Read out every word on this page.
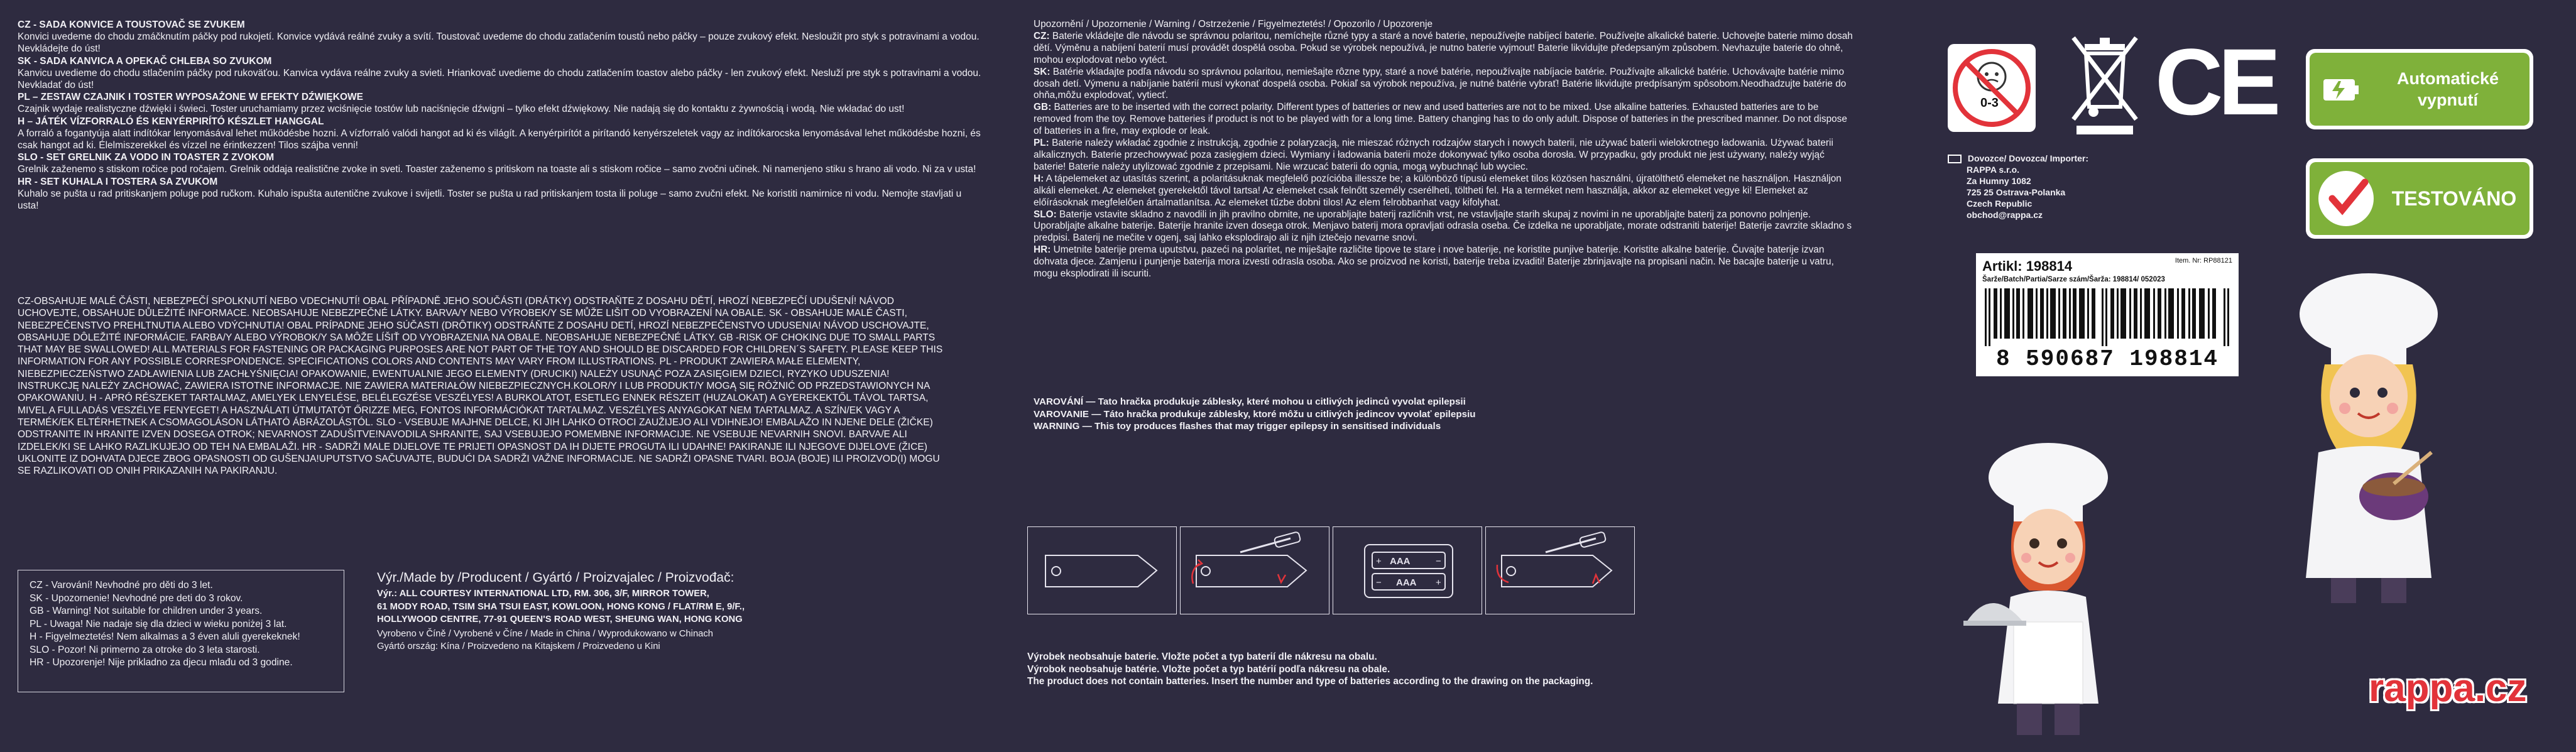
CZ - SADA KONVICE A TOUSTOVAČ SE ZVUKEM

Konvici uvedeme do chodu zmáčknutím páčky pod rukojetí. Konvice vydává reálné zvuky a svítí. Toustovač uvedeme do chodu zatlačením toustů nebo páčky – pouze zvukový efekt. Nesloužit pro styk s potravinami a vodou. Nevkládejte do úst!

SK - SADA KANVICA A OPEKAČ CHLEBA SO ZVUKOM

Kanvicu uvedieme do chodu stlačením páčky pod rukoväťou. Kanvica vydáva reálne zvuky a svieti. Hriankovač uvedieme do chodu zatlačením toastov alebo páčky - len zvukový efekt. Nesluží pre styk s potravinami a vodou. Nevkladať do úst!

PL – ZESTAW CZAJNIK I TOSTER WYPOSAŻONE W EFEKTY DŹWIĘKOWE

Czajnik wydaje realistyczne dźwięki i świeci. Toster uruchamiamy przez wciśnięcie tostów lub naciśnięcie dźwigni – tylko efekt dźwiękowy. Nie nadają się do kontaktu z żywnością i wodą. Nie wkładać do ust!

H – JÁTÉK VÍZFORRALÓ ÉS KENYÉRPIRÍTÓ KÉSZLET HANGGAL

A forraló a fogantyúja alatt indítókar lenyomásával lehet működésbe hozni. A vízforraló valódi hangot ad ki és világít. A kenyérpirítót a pirítandó kenyérszeletek vagy az indítókarocska lenyomásával lehet működésbe hozni, és csak hangot ad ki. Élelmiszerekkel és vízzel ne érintkezzen! Tilos szájba venni!

SLO - SET GRELNIK ZA VODO IN TOASTER Z ZVOKOM

Grelnik zaženemo s stiskom ročice pod ročajem. Grelnik oddaja realistične zvoke in sveti. Toaster zaženemo s pritiskom na toaste ali s stiskom ročice – samo zvočni učinek. Ni namenjeno stiku s hrano ali vodo. Ni za v usta!

HR - SET KUHALA I TOSTERA SA ZVUKOM

Kuhalo se pušta u rad pritiskanjem poluge pod ručkom. Kuhalo ispušta autentične zvukove i svijetli. Toster se pušta u rad pritiskanjem tosta ili poluge – samo zvučni efekt. Ne koristiti namirnice ni vodu. Nemojte stavljati u usta!

CZ-OBSAHUJE MALÉ ČÁSTI, NEBEZPEČÍ SPOLKNUTÍ NEBO VDECHNUTÍ! OBAL PŘÍPADNĚ JEHO SOUČÁSTI (DRÁTKY) ODSTRAŇTE Z DOSAHU DĚTÍ, HROZÍ NEBEZPEČÍ UDUŠENÍ! NÁVOD UCHOVEJTE, OBSAHUJE DŮLEŽITÉ INFORMACE. NEOBSAHUJE NEBEZPEČNÉ LÁTKY. BARVA/Y NEBO VÝROBEK/Y SE MŮŽE LIŠIT OD VYOBRAZENÍ NA OBALE. SK - OBSAHUJE MALÉ ČASTI, NEBEZPEČENSTVO PREHLTNUTIA ALEBO VDÝCHNUTIA! OBAL PRÍPADNE JEHO SÚČASTI (DRÔTIKY) ODSTRÁŇTE Z DOSAHU DETÍ, HROZÍ NEBEZPEČENSTVO UDUSENIA! NÁVOD USCHOVAJTE, OBSAHUJE DÔLEŽITÉ INFORMÁCIE. FARBA/Y ALEBO VÝROBOK/Y SA MÔŽE LÍŠIŤ OD VYOBRAZENIA NA OBALE. NEOBSAHUJE NEBEZPEČNÉ LÁTKY. GB -RISK OF CHOKING DUE TO SMALL PARTS THAT MAY BE SWALLOWED! ALL MATERIALS FOR FASTENING OR PACKAGING PURPOSES ARE NOT PART OF THE TOY AND SHOULD BE DISCARDED FOR CHILDREN´S SAFETY. PLEASE KEEP THIS INFORMATION FOR ANY POSSIBLE CORRESPONDENCE. SPECIFICATIONS COLORS AND CONTENTS MAY VARY FROM ILLUSTRATIONS. PL - PRODUKT ZAWIERA MAŁE ELEMENTY, NIEBEZPIECZEŃSTWO ZADŁAWIENIA LUB ZACHŁYŚNIĘCIA! OPAKOWANIE, EWENTUALNIE JEGO ELEMENTY (DRUCIKI) NALEŻY USUNĄĆ POZA ZASIĘGIEM DZIECI, RYZYKO UDUSZENIA! INSTRUKCJĘ NALEŻY ZACHOWAĆ, ZAWIERA ISTOTNE INFORMACJE. NIE ZAWIERA MATERIAŁÓW NIEBEZPIECZNYCH.KOLOR/Y I LUB PRODUKT/Y MOGĄ SIĘ RÓŻNIĆ OD PRZEDSTAWIONYCH NA OPAKOWANIU. H - APRÓ RÉSZEKET TARTALMAZ, AMELYEK LENYELÉSE, BELÉLEGZÉSE VESZÉLYES! A BURKOLATOT, ESETLEG ENNEK RÉSZEIT (HUZALOKAT) A GYEREKEKTŐL TÁVOL TARTSA, MIVEL A FULLADÁS VESZÉLYE FENYEGET! A HASZNÁLATI ÚTMUTATÓT ŐRIZZE MEG, FONTOS INFORMÁCIÓKAT TARTALMAZ. VESZÉLYES ANYAGOKAT NEM TARTALMAZ. A SZÍN/EK VAGY A TERMÉK/EK ELTÉRHETNEK A CSOMAGOLÁSON LÁTHATÓ ÁBRÁZOLÁSTÓL. SLO - VSEBUJE MAJHNE DELCE, KI JIH LAHKO OTROCI ZAUŽIJEJO ALI VDIHNEJO! EMBALAŽO IN NJENE DELE (ŽIČKE) ODSTRANITE IN HRANITE IZVEN DOSEGA OTROK; NEVARNOST ZADUŠITVE!NAVODILA SHRANITE, SAJ VSEBUJEJO POMEMBNE INFORMACIJE. NE VSEBUJE NEVARNIH SNOVI. BARVA/E ALI IZDELEK/KI SE LAHKO RAZLIKUJEJO OD TEH NA EMBALAŽI. HR - SADRŽI MALE DIJELOVE TE PRIJETI OPASNOST DA IH DIJETE PROGUTA ILI UDAHNE! PAKIRANJE ILI NJEGOVE DIJELOVE (ŽICE) UKLONITE IZ DOHVATA DJECE ZBOG OPASNOSTI OD GUŠENJA!UPUTSTVO SAČUVAJTE, BUDUĆI DA SADRŽI VAŽNE INFORMACIJE. NE SADRŽI OPASNE TVARI. BOJA (BOJE) ILI PROIZVOD(I) MOGU SE RAZLIKOVATI OD ONIH PRIKAZANIH NA PAKIRANJU.
CZ - Varování! Nevhodné pro děti do 3 let.
SK - Upozornenie! Nevhodné pre deti do 3 rokov.
GB - Warning! Not suitable for children under 3 years.
PL - Uwaga! Nie nadaje się dla dzieci w wieku poniżej 3 lat.
H - Figyelmeztetés! Nem alkalmas a 3 éven aluli gyerekeknek!
SLO - Pozor! Ni primerno za otroke do 3 leta starosti.
HR - Upozorenje! Nije prikladno za djecu mlađu od 3 godine.
Výr./Made by /Producent / Gyártó / Proizvajalec / Proizvođač:
Výr.: ALL COURTESY INTERNATIONAL LTD, RM. 306, 3/F, MIRROR TOWER,
61 MODY ROAD, TSIM SHA TSUI EAST, KOWLOON, HONG KONG / FLAT/RM E, 9/F.,
HOLLYWOOD CENTRE, 77-91 QUEEN'S ROAD WEST, SHEUNG WAN, HONG KONG
Vyrobeno v Číně / Vyrobené v Číne / Made in China / Wyprodukowano w Chinach
Gyártó ország: Kína / Proizvedeno na Kitajskem / Proizvedeno u Kini
Upozornění / Upozornenie / Warning / Ostrzeżenie / Figyelmeztetés! / Opozorilo / Upozorenje
CZ: Baterie vkládejte dle návodu se správnou polaritou, nemíchejte různé typy a staré a nové baterie, nepoužívejte nabíjecí baterie. Používejte alkalické baterie. Uchovejte baterie mimo dosah dětí. Výměnu a nabíjení baterií musí provádět dospělá osoba. Pokud se výrobek nepoužívá, je nutno baterie vyjmout! Baterie likvidujte předepsaným způsobem. Nevhazujte baterie do ohně, mohou explodovat nebo vytéct.
SK: Batérie vkladajte podľa návodu so správnou polaritou, nemiešajte rôzne typy, staré a nové batérie, nepoužívajte nabíjacie batérie. Používajte alkalické batérie. Uchovávajte batérie mimo dosah detí. Výmenu a nabíjanie batérií musí vykonať dospelá osoba. Pokiaľ sa výrobok nepoužíva, je nutné batérie vybrať! Batérie likvidujte predpísaným spôsobom.Neodhadzujte batérie do ohňa,môžu explodovať, vytiecť.
GB: Batteries are to be inserted with the correct polarity. Different types of batteries or new and used batteries are not to be mixed. Use alkaline batteries. Exhausted batteries are to be removed from the toy. Remove batteries if product is not to be played with for a long time. Battery changing has to do only adult. Dispose of batteries in the prescribed manner. Do not dispose of batteries in a fire, may explode or leak.
PL: Baterie należy wkładać zgodnie z instrukcją, zgodnie z polaryzacją, nie mieszać różnych rodzajów starych i nowych baterii, nie używać baterii wielokrotnego ładowania. Używać baterii alkalicznych. Baterie przechowywać poza zasięgiem dzieci. Wymiany i ładowania baterii może dokonywać tylko osoba dorosła. W przypadku, gdy produkt nie jest używany, należy wyjąć baterie! Baterie należy utylizować zgodnie z przepisami. Nie wrzucać baterii do ognia, mogą wybuchnąć lub wyciec.
H: A tápelemeket az utasítás szerint, a polaritásuknak megfelelő pozícióba illessze be; a különböző típusú elemeket tilos közösen használni, újratölthető elemeket ne használjon. Használjon alkáli elemeket. Az elemeket gyerekektől távol tartsa! Az elemeket csak felnőtt személy cserélheti, töltheti fel. Ha a terméket nem használja, akkor az elemeket vegye ki! Elemeket az előírásoknak megfelelően ártalmatlanítsa. Az elemeket tűzbe dobni tilos! Az elem felrobbanhat vagy kifolyhat.
SLO: Baterije vstavite skladno z navodili in jih pravilno obrnite, ne uporabljajte baterij različnih vrst, ne vstavljajte starih skupaj z novimi in ne uporabljajte baterij za ponovno polnjenje. Uporabljajte alkalne baterije. Baterije hranite izven dosega otrok. Menjavo baterij mora opravljati odrasla oseba. Če izdelka ne uporabljate, morate odstraniti baterije! Baterije zavrzite skladno s predpisi. Baterij ne mečite v ogenj, saj lahko eksplodirajo ali iz njih iztečejo nevarne snovi.
HR: Umetnite baterije prema uputstvu, pazeći na polaritet, ne miješajte različite tipove te stare i nove baterije, ne koristite punjive baterije. Koristite alkalne baterije. Čuvajte baterije izvan dohvata djece. Zamjenu i punjenje baterija mora izvesti odrasla osoba. Ako se proizvod ne koristi, baterije treba izvaditi! Baterije zbrinjavajte na propisani način. Ne bacajte baterije u vatru, mogu eksplodirati ili iscuriti.
VAROVÁNÍ — Tato hračka produkuje záblesky, které mohou u citlivých jedinců vyvolat epilepsii
VAROVANIE — Táto hračka produkuje záblesky, ktoré môžu u citlivých jedincov vyvolať epilepsiu
WARNING — This toy produces flashes that may trigger epilepsy in sensitised individuals
+ AAA	−
− AAA +
Výrobek neobsahuje baterie. Vložte počet a typ baterií dle nákresu na obalu.
Výrobok neobsahuje batérie. Vložte počet a typ batérií podľa nákresu na obale.
The product does not contain batteries. Insert the number and type of batteries according to the drawing on the packaging.
0-3 CE	Automatické
vypnutí
TESTOVÁNO
Dovozce/ Dovozca/ Importer:
RAPPA s.r.o.
Za Humny 1082
725 25 Ostrava-Polanka
Czech Republic
obchod@rappa.cz
Artikl: 198814	Item. Nr: RP88121
Šarže/Batch/Partia/Sarze szám/Šarža: 198814/ 052023
8 590687 198814
rappa.cz
